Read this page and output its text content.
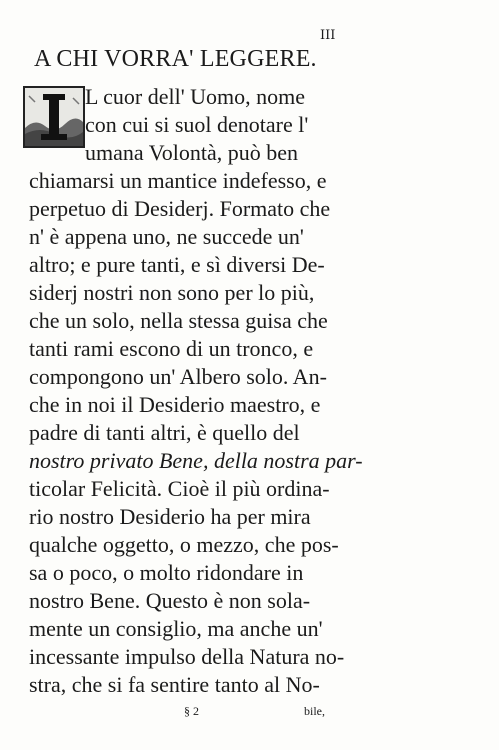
III
A CHI VORRA' LEGGERE.
I
L cuor dell' Uomo, nome
con cui si suol denotare l'
umana Volontà, può ben
chiamarsi un mantice indefesso, e
perpetuo di Desiderj. Formato che
n' è appena uno, ne succede un'
altro; e pure tanti, e sì diversi De-
siderj nostri non sono per lo più,
che un solo, nella stessa guisa che
tanti rami escono di un tronco, e
compongono un' Albero solo. An-
che in noi il Desiderio maestro, e
padre di tanti altri, è quello del
nostro privato Bene, della nostra par-
ticolar Felicità. Cioè il più ordina-
rio nostro Desiderio ha per mira
qualche oggetto, o mezzo, che pos-
sa o poco, o molto ridondare in
nostro Bene. Questo è non sola-
mente un consiglio, ma anche un'
incessante impulso della Natura no-
stra, che si fa sentire tanto al No-
§ 2	bile,
